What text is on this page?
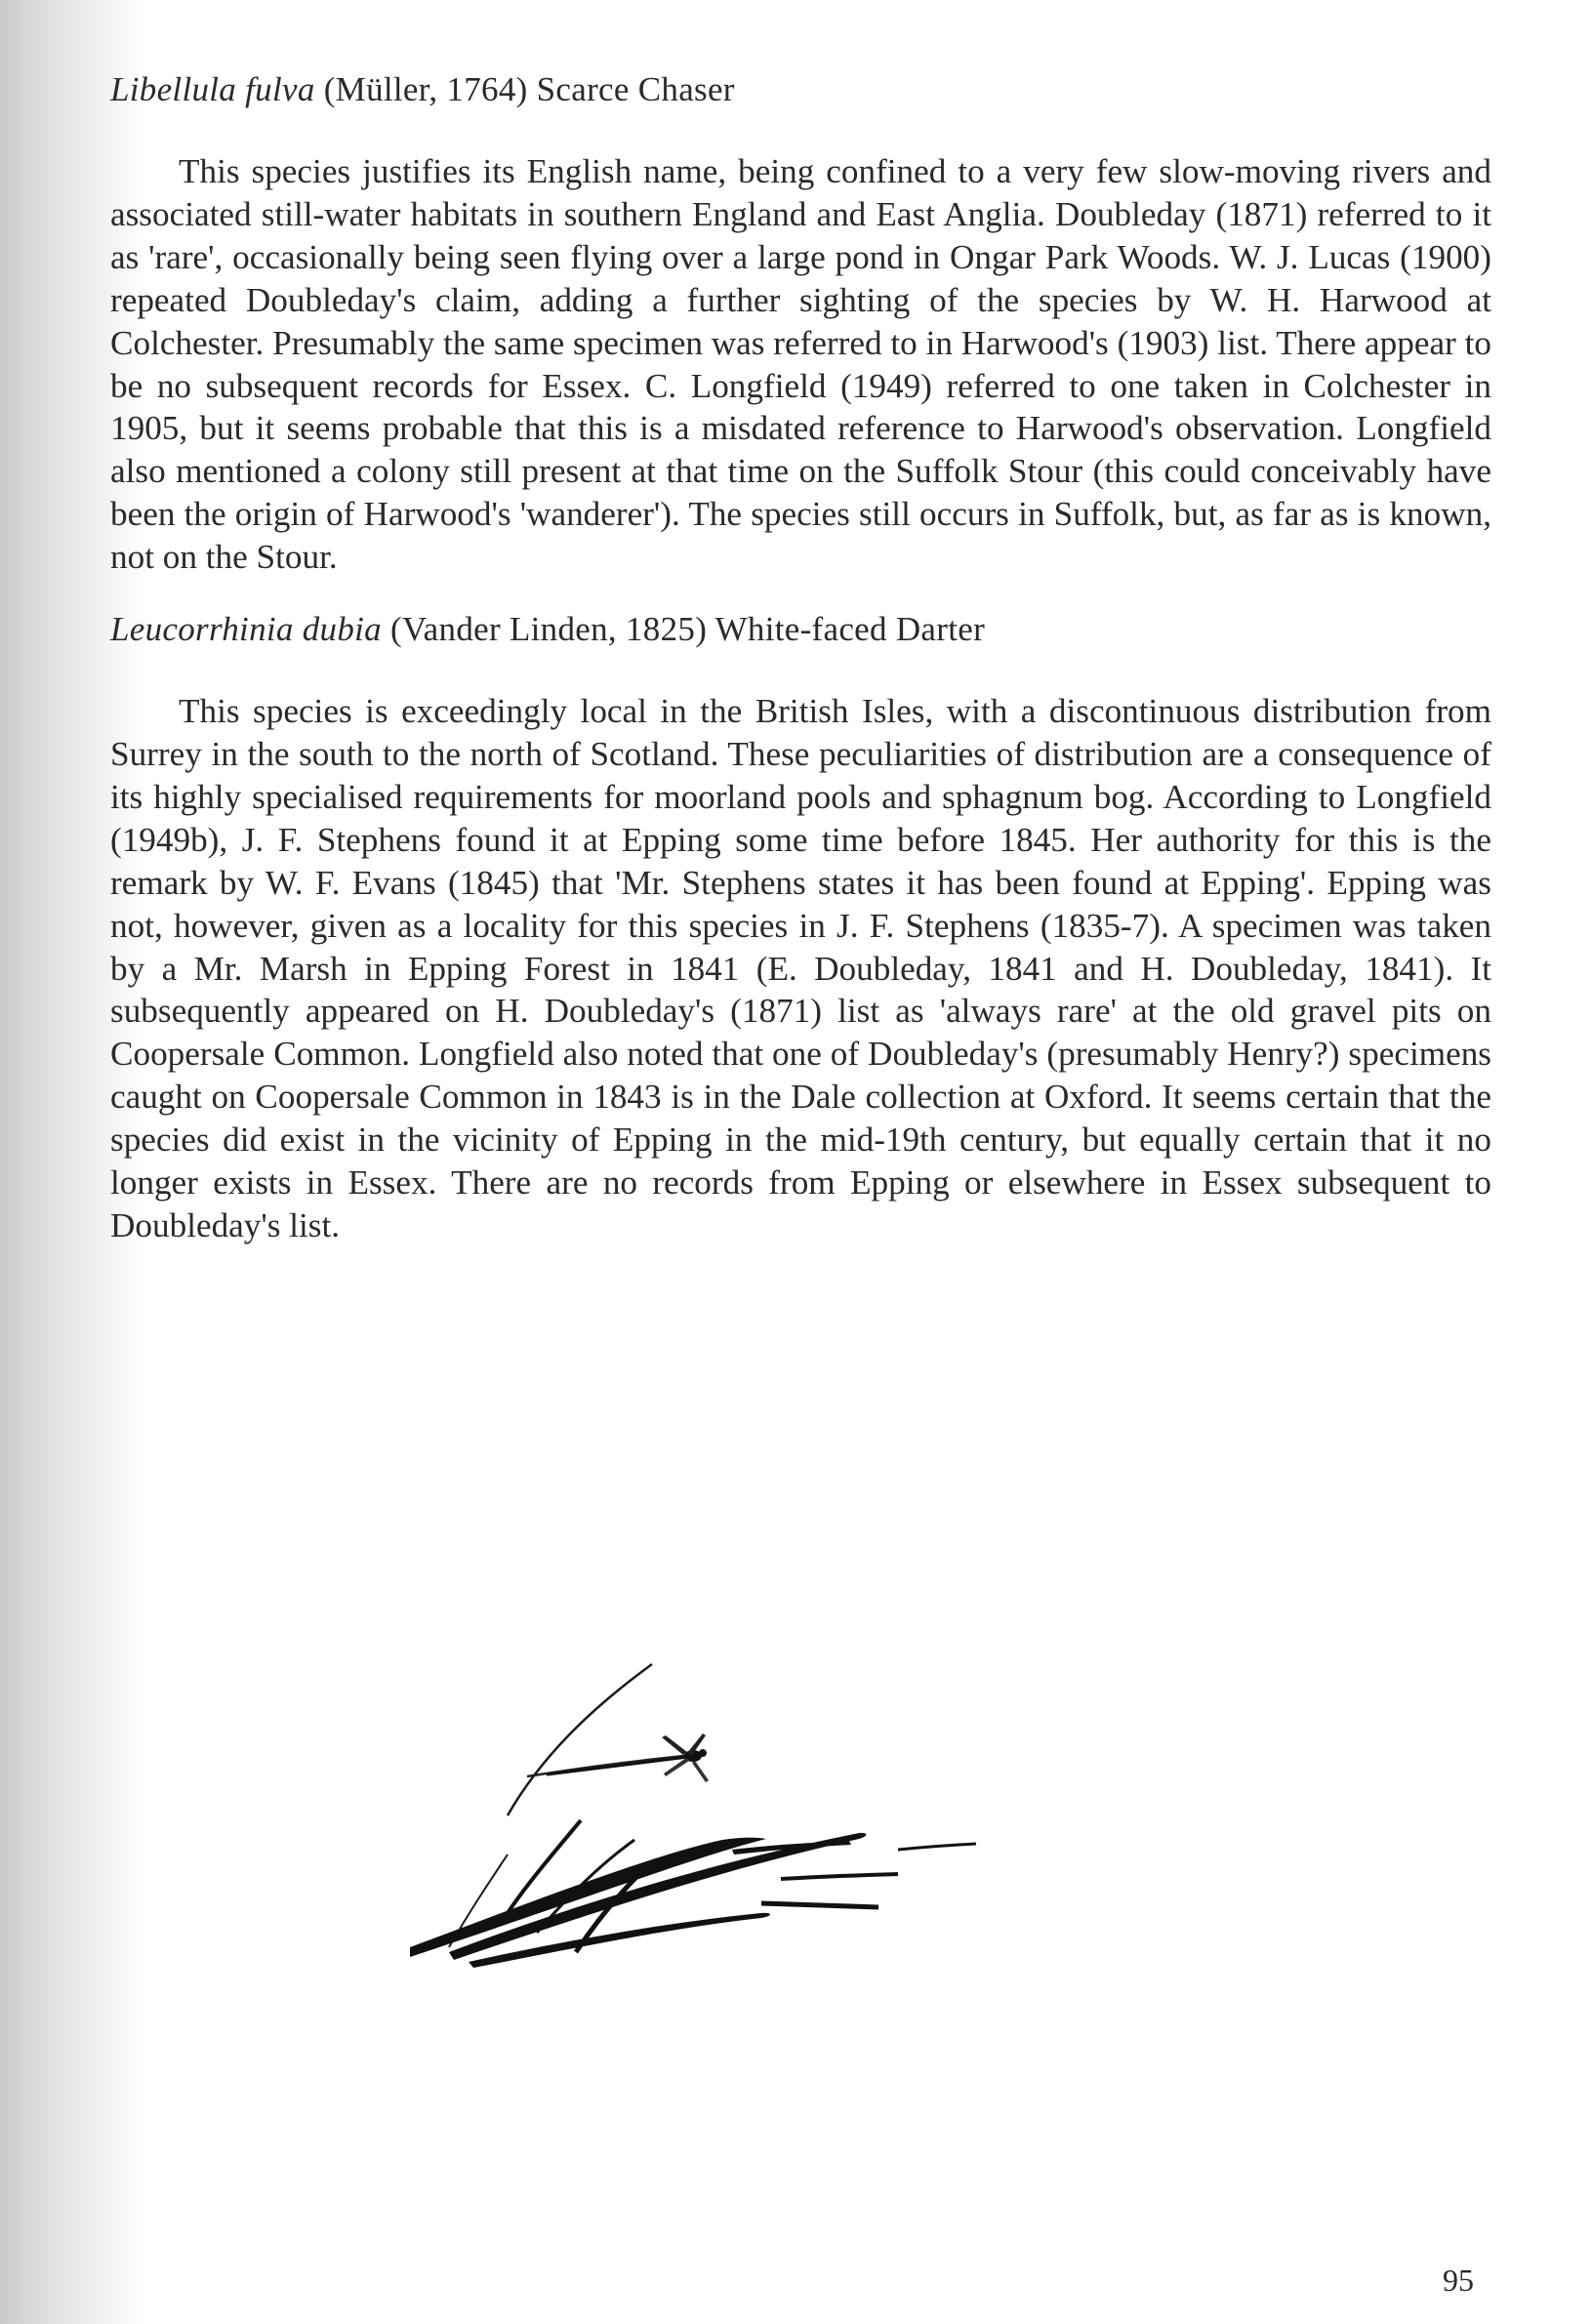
Libellula fulva (Müller, 1764) Scarce Chaser

This species justifies its English name, being confined to a very few slow-moving rivers and associated still-water habitats in southern England and East Anglia. Doubleday (1871) referred to it as 'rare', occasionally being seen flying over a large pond in Ongar Park Woods. W. J. Lucas (1900) repeated Doubleday's claim, adding a further sighting of the species by W. H. Harwood at Colchester. Presumably the same specimen was referred to in Harwood's (1903) list. There appear to be no subsequent records for Essex. C. Longfield (1949) referred to one taken in Colchester in 1905, but it seems probable that this is a misdated reference to Harwood's observation. Longfield also mentioned a colony still present at that time on the Suffolk Stour (this could conceivably have been the origin of Harwood's 'wanderer'). The species still occurs in Suffolk, but, as far as is known, not on the Stour.

Leucorrhinia dubia (Vander Linden, 1825) White-faced Darter

This species is exceedingly local in the British Isles, with a discontinuous distribution from Surrey in the south to the north of Scotland. These peculiarities of distribution are a consequence of its highly specialised requirements for moorland pools and sphagnum bog. According to Longfield (1949b), J. F. Stephens found it at Epping some time before 1845. Her authority for this is the remark by W. F. Evans (1845) that 'Mr. Stephens states it has been found at Epping'. Epping was not, however, given as a locality for this species in J. F. Stephens (1835-7). A specimen was taken by a Mr. Marsh in Epping Forest in 1841 (E. Doubleday, 1841 and H. Doubleday, 1841). It subsequently appeared on H. Doubleday's (1871) list as 'always rare' at the old gravel pits on Coopersale Common. Longfield also noted that one of Doubleday's (presumably Henry?) specimens caught on Coopersale Common in 1843 is in the Dale collection at Oxford. It seems certain that the species did exist in the vicinity of Epping in the mid-19th century, but equally certain that it no longer exists in Essex. There are no records from Epping or elsewhere in Essex subsequent to Doubleday's list.

95
